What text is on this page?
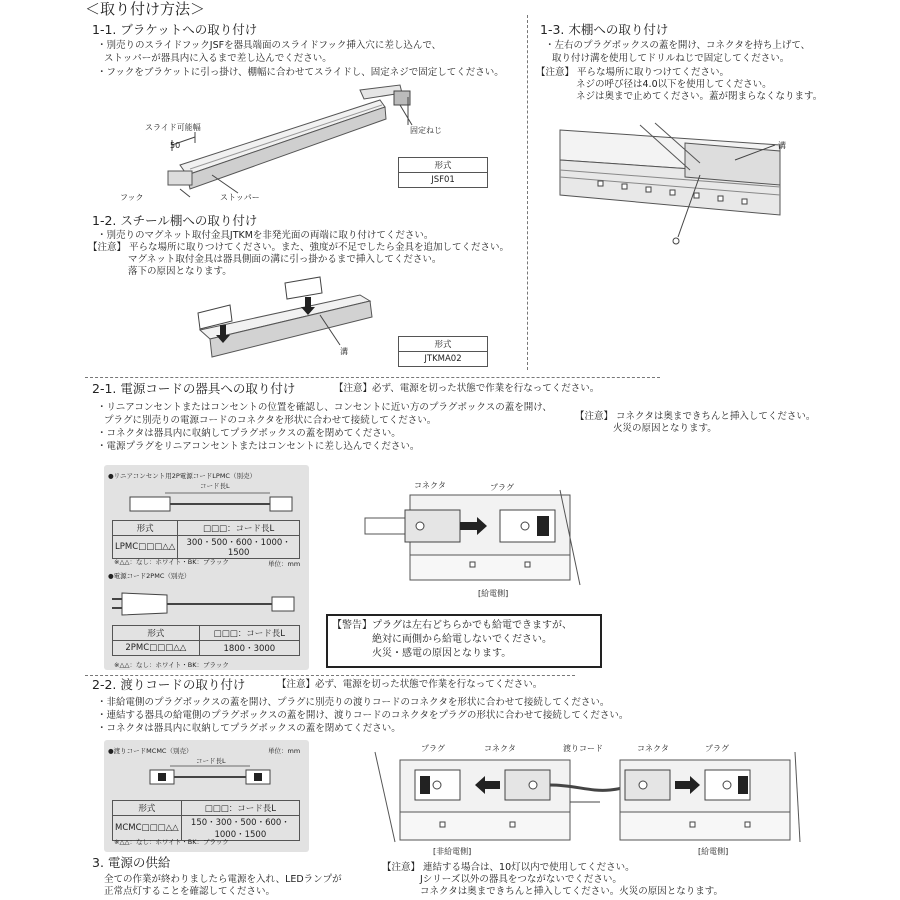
＜取り付け方法＞
1-1. ブラケットへの取り付け
・別売りのスライドフックJSFを器具端面のスライドフック挿入穴に差し込んで、
ストッパーが器具内に入るまで差し込んでください。
・フックをブラケットに引っ掛け、棚幅に合わせてスライドし、固定ネジで固定してください。
スライド可能幅
50
固定ねじ
フック	ストッパー
形式
JSF01
1-2. スチール棚への取り付け
・別売りのマグネット取付金具JTKMを非発光面の両端に取り付けてください。
【注意】 平らな場所に取りつけてください。また、強度が不足でしたら金具を追加してください。
マグネット取付金具は器具側面の溝に引っ掛かるまで挿入してください。
落下の原因となります。
溝
形式
JTKMA02
1-3. 木棚への取り付け
・左右のプラグボックスの蓋を開け、コネクタを持ち上げて、
取り付け溝を使用してドリルねじで固定してください。
【注意】 平らな場所に取りつけてください。
ネジの呼び径は4.0以下を使用してください。
ネジは奥まで止めてください。蓋が閉まらなくなります。
溝
2-1. 電源コードの器具への取り付け	【注意】必ず、電源を切った状態で作業を行なってください。
・リニアコンセントまたはコンセントの位置を確認し、コンセントに近い方のプラグボックスの蓋を開け、
プラグに別売りの電源コードのコネクタを形状に合わせて接続してください。
・コネクタは器具内に収納してプラグボックスの蓋を閉めてください。
・電源プラグをリニアコンセントまたはコンセントに差し込んでください。
【注意】 コネクタは奥まできちんと挿入してください。
火災の原因となります。
●リニアコンセント用2P電源コードLPMC（別売）
コード長L
形式	□□□：コード長L
LPMC□□□△△	300・500・600・1000・1500
※△△：なし：ホワイト・BK：ブラック	単位：mm
●電源コード2PMC（別売）
形式	□□□：コード長L
2PMC□□□△△	1800・3000
※△△：なし：ホワイト・BK：ブラック
コネクタ	プラグ
[給電側]
【警告】プラグは左右どちらかでも給電できますが、
絶対に両側から給電しないでください。
火災・感電の原因となります。
2-2. 渡りコードの取り付け	【注意】必ず、電源を切った状態で作業を行なってください。
・非給電側のプラグボックスの蓋を開け、プラグに別売りの渡りコードのコネクタを形状に合わせて接続してください。
・連結する器具の給電側のプラグボックスの蓋を開け、渡りコードのコネクタをプラグの形状に合わせて接続してください。
・コネクタは器具内に収納してプラグボックスの蓋を閉めてください。
●渡りコードMCMC（別売）	単位：mm
コード長L
形式	□□□：コード長L
MCMC□□□△△	150・300・500・600・1000・1500
※△△：なし：ホワイト・BK：ブラック
プラグ	コネクタ	渡りコード	コネクタ	プラグ
[非給電側]	[給電側]
【注意】 連結する場合は、10灯以内で使用してください。
Jシリーズ以外の器具をつながないでください。
コネクタは奥まできちんと挿入してください。火災の原因となります。
3. 電源の供給
全ての作業が終わりましたら電源を入れ、LEDランプが
正常点灯することを確認してください。
